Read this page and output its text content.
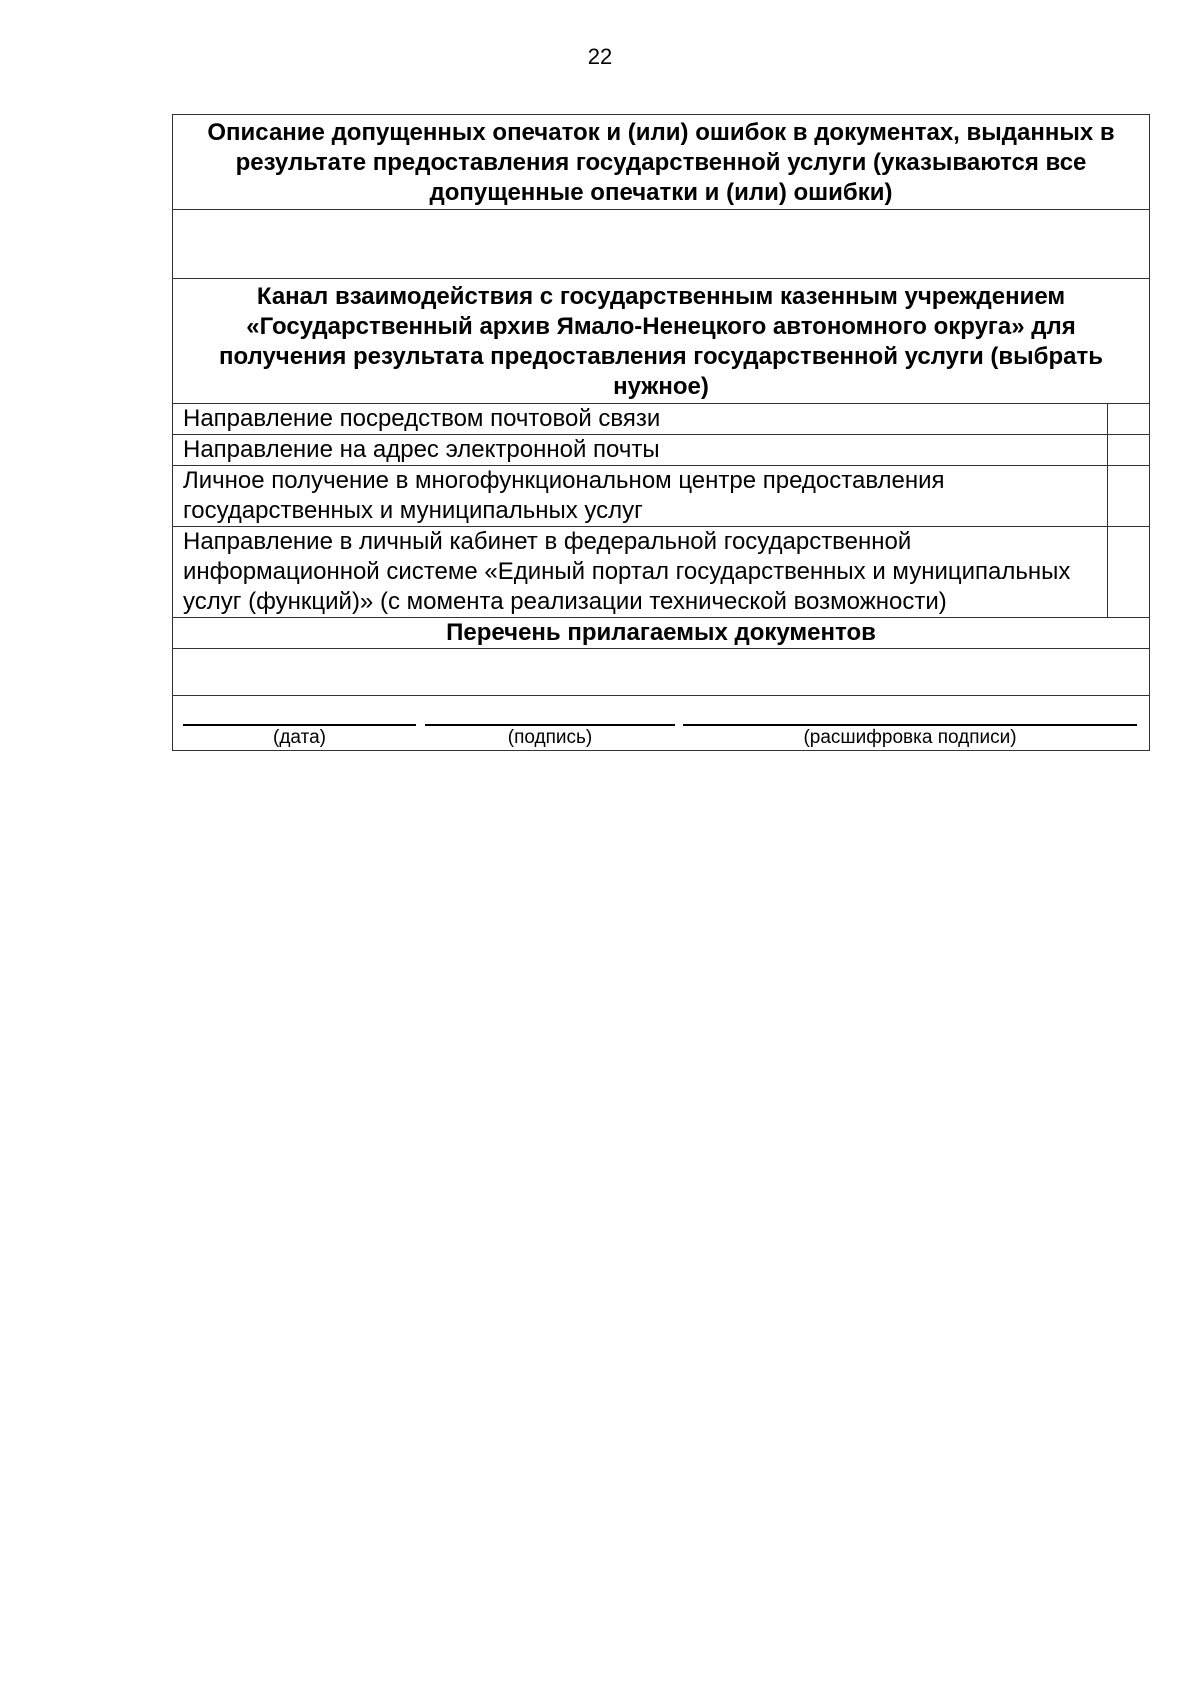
22
Описание допущенных опечаток и (или) ошибок в документах, выданных в результате предоставления государственной услуги (указываются все допущенные опечатки и (или) ошибки)	

Канал взаимодействия с государственным казенным учреждением «Государственный архив Ямало-Ненецкого автономного округа» для получения результата предоставления государственной услуги (выбрать нужное)	
Направление посредством почтовой связи	
Направление на адрес электронной почты	
Личное получение в многофункциональном центре предоставления государственных и муниципальных услуг	
Направление в личный кабинет в федеральной государственной информационной системе «Единый портал государственных и муниципальных услуг (функций)» (с момента реализации технической возможности)	
Перечень прилагаемых документов	

(дата) (подпись) (расшифровка подписи)	
